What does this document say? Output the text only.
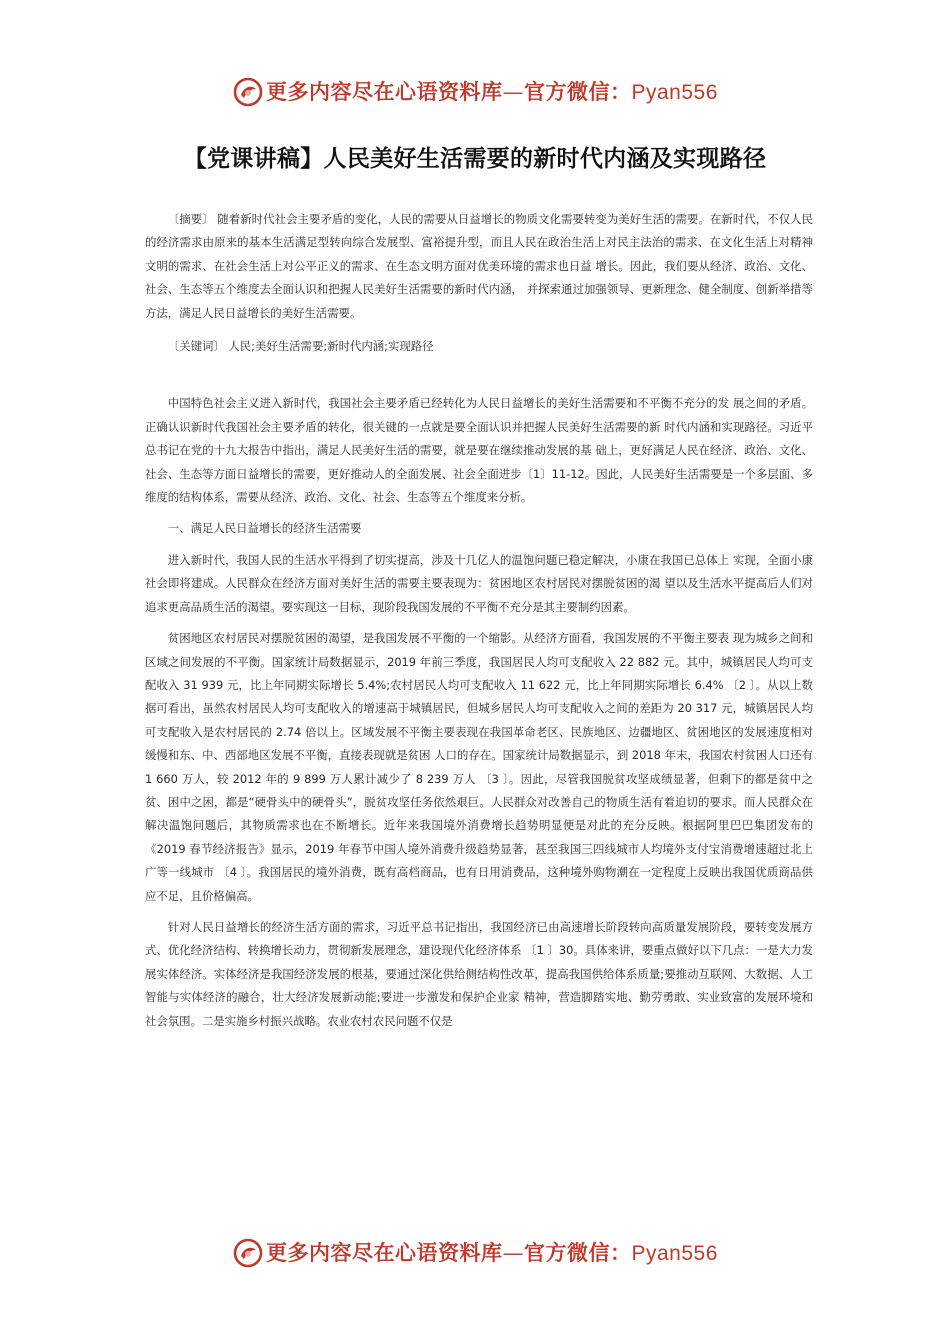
更多内容尽在心语资料库—官方微信：Pyan556
【党课讲稿】人民美好生活需要的新时代内涵及实现路径

〔摘要〕 随着新时代社会主要矛盾的变化，人民的需要从日益增长的物质文化需要转变为美好生活的需要。在新时代，不仅人民的经济需求由原来的基本生活满足型转向综合发展型、富裕提升型，而且人民在政治生活上对民主法治的需求、在文化生活上对精神文明的需求、在社会生活上对公平正义的需求、在生态文明方面对优美环境的需求也日益 增长。因此，我们要从经济、政治、文化、社会、生态等五个维度去全面认识和把握人民美好生活需要的新时代内涵， 并探索通过加强领导、更新理念、健全制度、创新举措等方法，满足人民日益增长的美好生活需要。

〔关键词〕 人民;美好生活需要;新时代内涵;实现路径

中国特色社会主义进入新时代，我国社会主要矛盾已经转化为人民日益增长的美好生活需要和不平衡不充分的发 展之间的矛盾。正确认识新时代我国社会主要矛盾的转化，很关键的一点就是要全面认识并把握人民美好生活需要的新 时代内涵和实现路径。习近平总书记在党的十九大报告中指出，满足人民美好生活的需要，就是要在继续推动发展的基 础上，更好满足人民在经济、政治、文化、社会、生态等方面日益增长的需要，更好推动人的全面发展、社会全面进步〔1〕11-12。因此，人民美好生活需要是一个多层面、多维度的结构体系，需要从经济、政治、文化、社会、生态等五个维度来分析。

一、满足人民日益增长的经济生活需要

进入新时代，我国人民的生活水平得到了切实提高，涉及十几亿人的温饱问题已稳定解决，小康在我国已总体上 实现，全面小康社会即将建成。人民群众在经济方面对美好生活的需要主要表现为：贫困地区农村居民对摆脱贫困的渴 望以及生活水平提高后人们对追求更高品质生活的渴望。要实现这一目标，现阶段我国发展的不平衡不充分是其主要制约因素。

贫困地区农村居民对摆脱贫困的渴望，是我国发展不平衡的一个缩影。从经济方面看，我国发展的不平衡主要表 现为城乡之间和区域之间发展的不平衡。国家统计局数据显示，2019 年前三季度，我国居民人均可支配收入 22 882 元。其中，城镇居民人均可支配收入 31 939 元，比上年同期实际增长 5.4%;农村居民人均可支配收入 11 622 元，比上年同期实际增长 6.4% 〔2 〕。从以上数据可看出，虽然农村居民人均可支配收入的增速高于城镇居民，但城乡居民人均可支配收入之间的差距为 20 317 元，城镇居民人均可支配收入是农村居民的 2.74 倍以上。区域发展不平衡主要表现在我国革命老区、民族地区、边疆地区、贫困地区的发展速度相对缓慢和东、中、西部地区发展不平衡，直接表现就是贫困 人口的存在。国家统计局数据显示，到 2018 年末，我国农村贫困人口还有 1 660 万人，较 2012 年的 9 899 万人累计减少了 8 239 万人 〔3 〕。因此，尽管我国脱贫攻坚成绩显著，但剩下的都是贫中之贫、困中之困，都是“硬骨头中的硬骨头”，脱贫攻坚任务依然艰巨。人民群众对改善自己的物质生活有着迫切的要求。而人民群众在解决温饱问题后，其物质需求也在不断增长。近年来我国境外消费增长趋势明显便是对此的充分反映。根据阿里巴巴集团发布的《2019 春节经济报告》显示，2019 年春节中国人境外消费升级趋势显著，甚至我国三四线城市人均境外支付宝消费增速超过北上广等一线城市 〔4 〕。我国居民的境外消费，既有高档商品，也有日用消费品，这种境外购物潮在一定程度上反映出我国优质商品供应不足，且价格偏高。

针对人民日益增长的经济生活方面的需求，习近平总书记指出，我国经济已由高速增长阶段转向高质量发展阶段，要转变发展方式、优化经济结构、转换增长动力，贯彻新发展理念，建设现代化经济体系 〔1 〕30。具体来讲，要重点做好以下几点：一是大力发展实体经济。实体经济是我国经济发展的根基，要通过深化供给侧结构性改革，提高我国供给体系质量;要推动互联网、大数据、人工智能与实体经济的融合，壮大经济发展新动能;要进一步激发和保护企业家 精神，营造脚踏实地、勤劳勇敢、实业致富的发展环境和社会氛围。二是实施乡村振兴战略。农业农村农民问题不仅是

更多内容尽在心语资料库—官方微信：Pyan556
